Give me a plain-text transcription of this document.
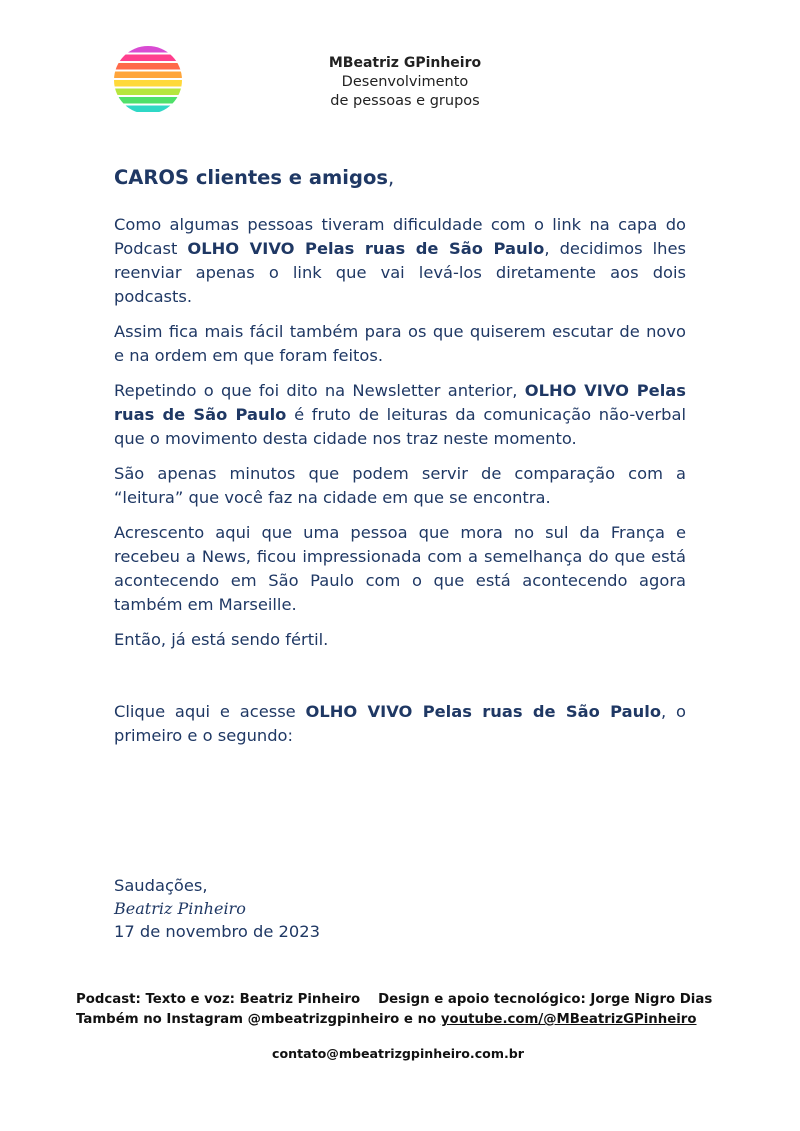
MBeatriz GPinheiro
Desenvolvimento
de pessoas e grupos
CAROS clientes e amigos,

Como algumas pessoas tiveram dificuldade com o link na capa do Podcast OLHO VIVO Pelas ruas de São Paulo, decidimos lhes reenviar apenas o link que vai levá-los diretamente aos dois podcasts.

Assim fica mais fácil também para os que quiserem escutar de novo e na ordem em que foram feitos.

Repetindo o que foi dito na Newsletter anterior, OLHO VIVO Pelas ruas de São Paulo é fruto de leituras da comunicação não-verbal que o movimento desta cidade nos traz neste momento.

São apenas minutos que podem servir de comparação com a “leitura” que você faz na cidade em que se encontra.

Acrescento aqui que uma pessoa que mora no sul da França e recebeu a News, ficou impressionada com a semelhança do que está acontecendo em São Paulo com o que está acontecendo agora também em Marseille.

Então, já está sendo fértil.

Clique aqui e acesse OLHO VIVO Pelas ruas de São Paulo, o primeiro e o segundo:

Saudações,
Beatriz Pinheiro
17 de novembro de 2023
Podcast: Texto e voz: Beatriz Pinheiro Design e apoio tecnológico: Jorge Nigro Dias
Também no Instagram @mbeatrizgpinheiro e no youtube.com/@MBeatrizGPinheiro
contato@mbeatrizgpinheiro.com.br
